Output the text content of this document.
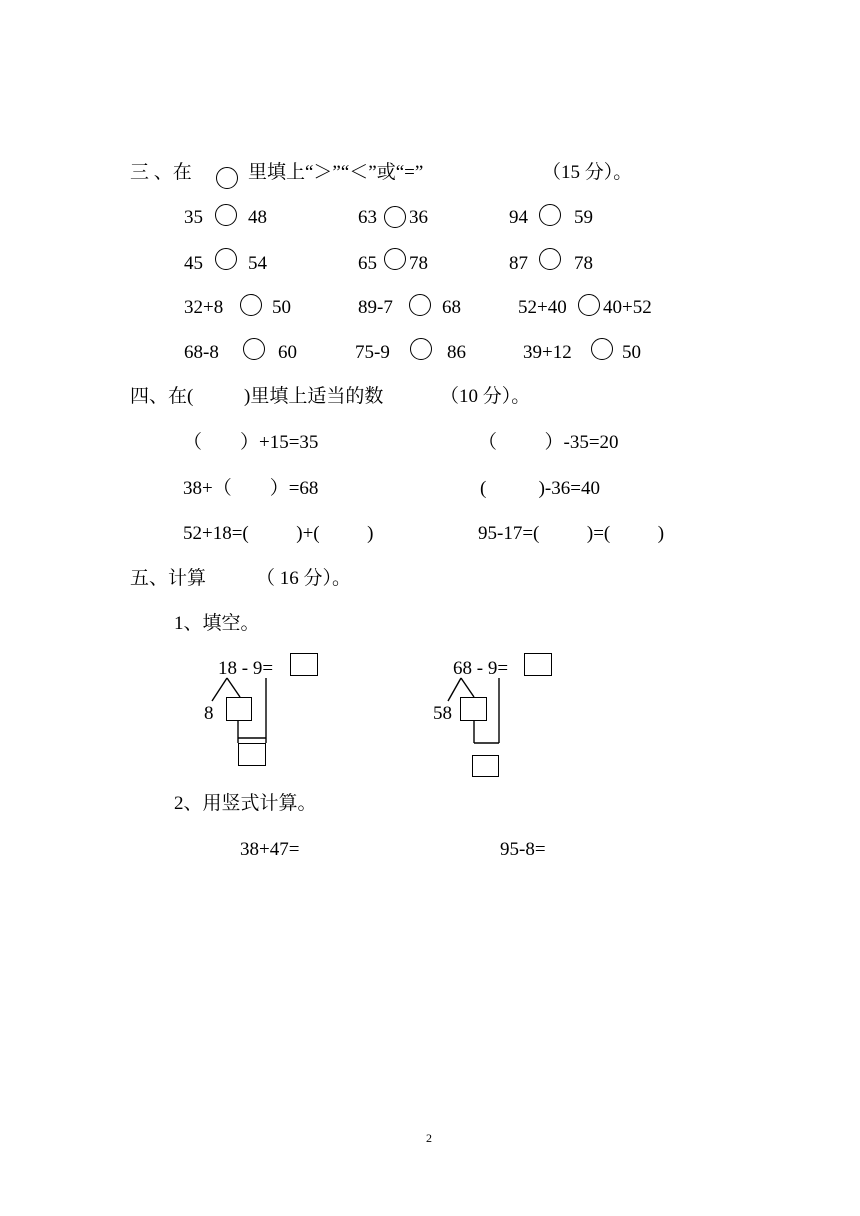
三 、在	里填上“＞”“＜”或“=”	（15 分）。
35 48	63 36	94 59
45 54	65 78	87 78
32+8	50	89-7	68	52+40 40+52
68-8	60	75-9	86	39+12	50
四、在(	)里填上适当的数	（10 分）。
（        ）+15=35	（          ）-35=20
38+（        ）=68	(           )-36=40
52+18=(          )+(          )	95-17=(          )=(          )
五、计算	（ 16 分）。
1、填空。
18 - 9=
8
68 - 9=
58
2、用竖式计算。
38+47=	95-8=
2
